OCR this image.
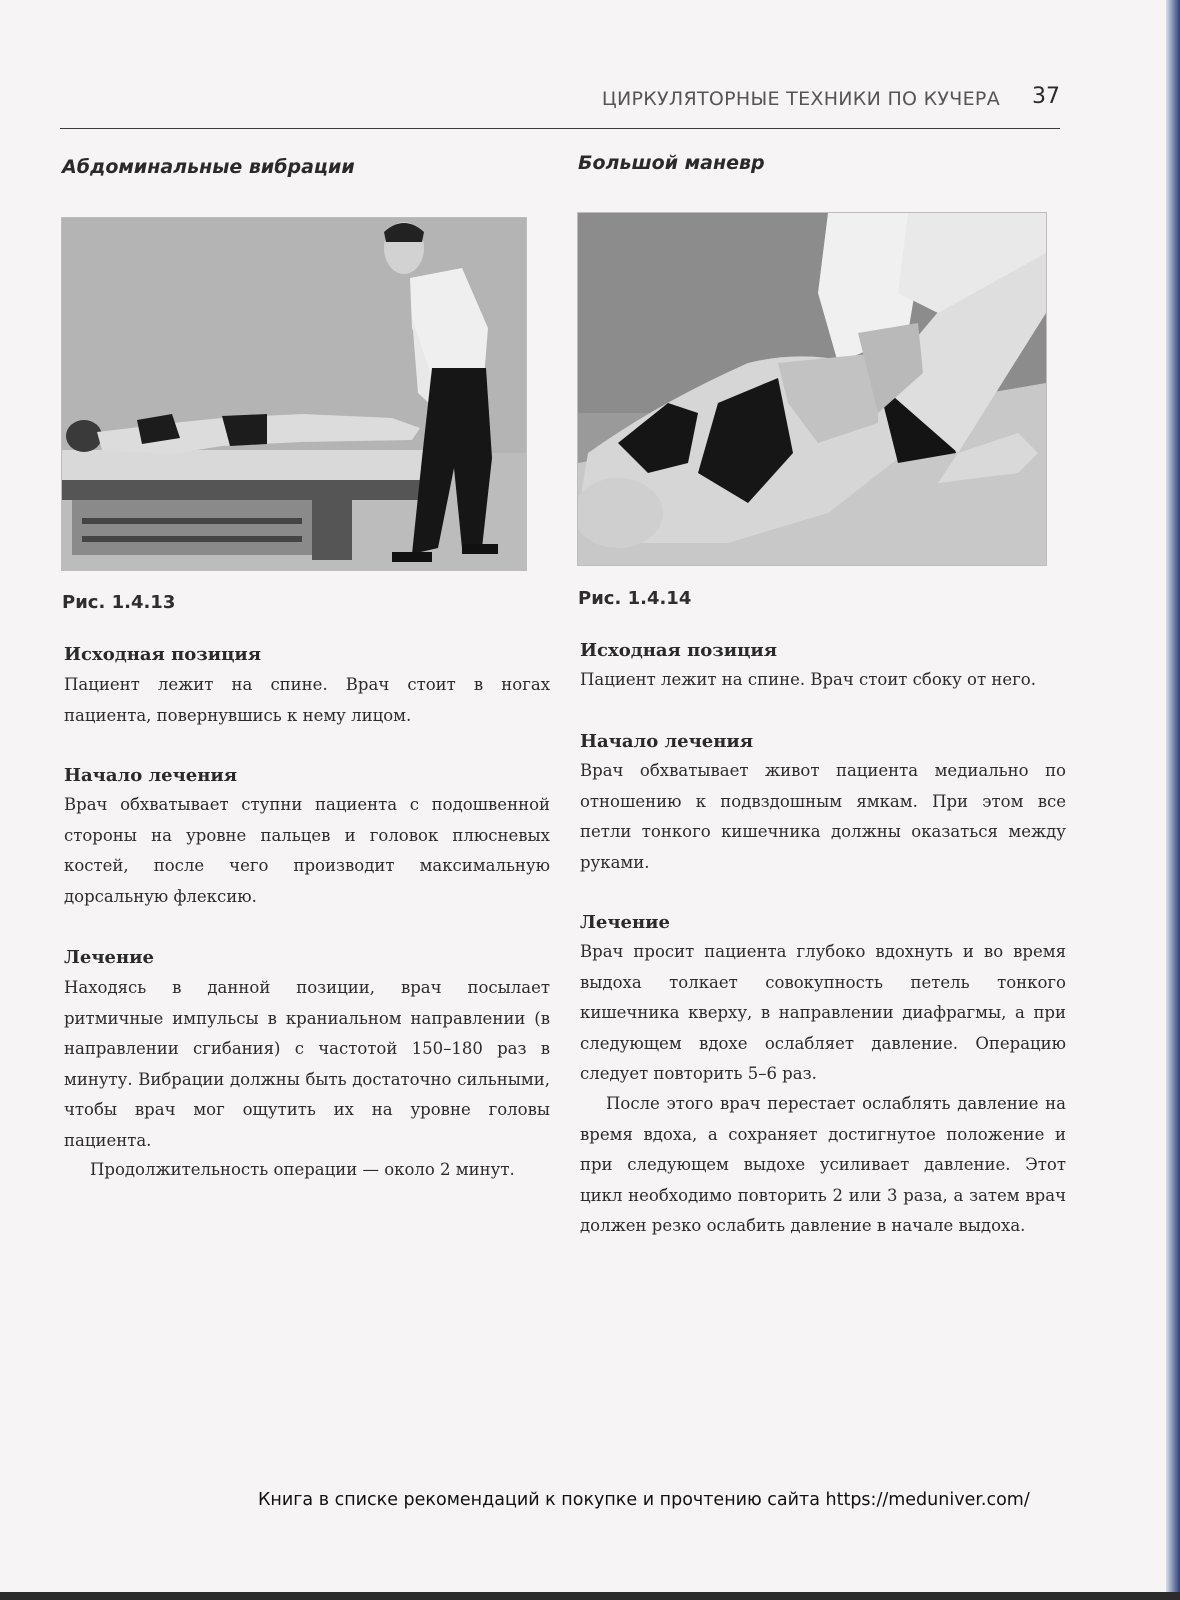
ЦИРКУЛЯТОРНЫЕ ТЕХНИКИ ПО КУЧЕРА 37
Абдоминальные вибрации
Рис. 1.4.13
Исходная позиция

Пациент лежит на спине. Врач стоит в ногах пациента, повернувшись к нему лицом.

Начало лечения

Врач обхватывает ступни пациента с подошвенной стороны на уровне пальцев и головок плюсневых костей, после чего производит максимальную дорсальную флексию.

Лечение

Находясь в данной позиции, врач посылает ритмичные импульсы в краниальном направлении (в направлении сгибания) с частотой 150–180 раз в минуту. Вибрации должны быть достаточно сильными, чтобы врач мог ощутить их на уровне головы пациента.

Продолжительность операции — около 2 минут.

Большой маневр
Рис. 1.4.14
Исходная позиция

Пациент лежит на спине. Врач стоит сбоку от него.

Начало лечения

Врач обхватывает живот пациента медиально по отношению к подвздошным ямкам. При этом все петли тонкого кишечника должны оказаться между руками.

Лечение

Врач просит пациента глубоко вдохнуть и во время выдоха толкает совокупность петель тонкого кишечника кверху, в направлении диафрагмы, а при следующем вдохе ослабляет давление. Операцию следует повторить 5–6 раз.

После этого врач перестает ослаблять давление на время вдоха, а сохраняет достигнутое положение и при следующем выдохе усиливает давление. Этот цикл необходимо повторить 2 или 3 раза, а затем врач должен резко ослабить давление в начале выдоха.

Книга в списке рекомендаций к покупке и прочтению сайта https://meduniver.com/
